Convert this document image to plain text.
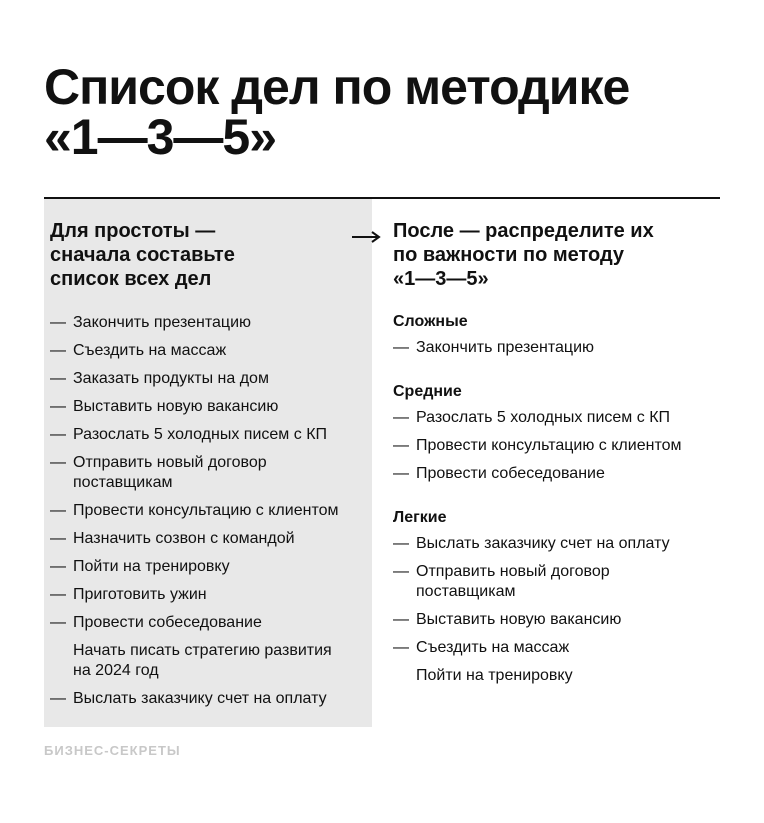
Список дел по методике
«1—3—5»
Для простоты —
сначала составьте
список всех дел
После — распределите их
по важности по методу
«1—3—5»
— Закончить презентацию
— Съездить на массаж
— Заказать продукты на дом
— Выставить новую вакансию
— Разослать 5 холодных писем с КП
— Отправить новый договор
поставщикам
— Провести консультацию с клиентом
— Назначить созвон с командой
— Пойти на тренировку
— Приготовить ужин
— Провести собеседование
Начать писать стратегию развития
на 2024 год
— Выслать заказчику счет на оплату
Сложные
— Закончить презентацию
Средние
— Разослать 5 холодных писем с КП
— Провести консультацию с клиентом
— Провести собеседование
Легкие
— Выслать заказчику счет на оплату
— Отправить новый договор
поставщикам
— Выставить новую вакансию
— Съездить на массаж
Пойти на тренировку
БИЗНЕС-СЕКРЕТЫ
